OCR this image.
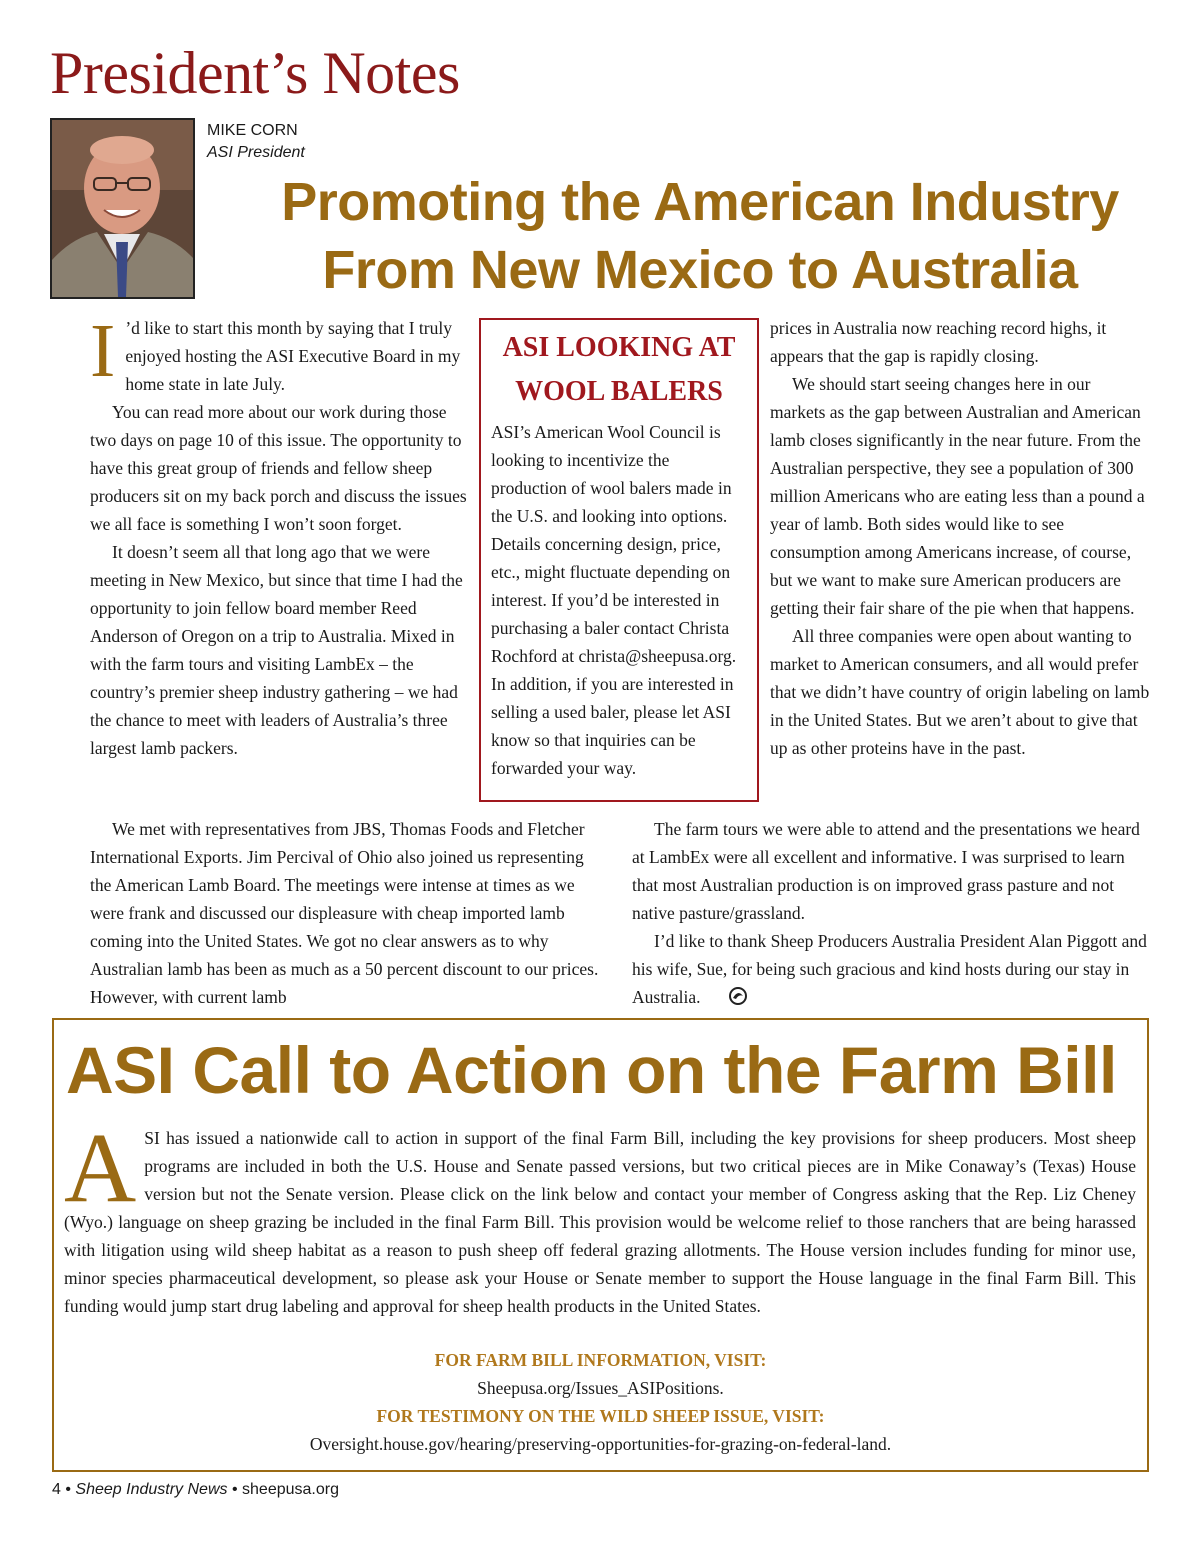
President’s Notes
MIKE CORN
ASI President
Promoting the American Industry
From New Mexico to Australia

I ’d like to start this month by saying that I truly enjoyed hosting the ASI Executive Board in my home state in late July.

You can read more about our work during those two days on page 10 of this issue. The opportunity to have this great group of friends and fellow sheep producers sit on my back porch and discuss the issues we all face is something I won’t soon forget.

It doesn’t seem all that long ago that we were meeting in New Mexico, but since that time I had the opportunity to join fellow board member Reed Anderson of Oregon on a trip to Australia. Mixed in with the farm tours and visiting LambEx – the country’s premier sheep industry gathering – we had the chance to meet with leaders of Australia’s three largest lamb packers.

We met with representatives from JBS, Thomas Foods and Fletcher International Exports. Jim Percival of Ohio also joined us representing the American Lamb Board. The meetings were intense at times as we were frank and discussed our displeasure with cheap imported lamb coming into the United States. We got no clear answers as to why Australian lamb has been as much as a 50 percent discount to our prices. However, with current lamb

ASI LOOKING AT
WOOL BALERS
ASI’s American Wool Council is looking to incentivize the production of wool balers made in the U.S. and looking into options. Details concerning design, price, etc., might fluctuate depending on interest. If you’d be interested in purchasing a baler contact Christa Rochford at christa@sheepusa.org. In addition, if you are interested in selling a used baler, please let ASI know so that inquiries can be forwarded your way.

prices in Australia now reaching record highs, it appears that the gap is rapidly closing.

We should start seeing changes here in our markets as the gap between Australian and American lamb closes significantly in the near future. From the Australian perspective, they see a population of 300 million Americans who are eating less than a pound a year of lamb. Both sides would like to see consumption among Americans increase, of course, but we want to make sure American producers are getting their fair share of the pie when that happens.

All three companies were open about wanting to market to American consumers, and all would prefer that we didn’t have country of origin labeling on lamb in the United States. But we aren’t about to give that up as other proteins have in the past.

The farm tours we were able to attend and the presentations we heard at LambEx were all excellent and informative. I was surprised to learn that most Australian production is on improved grass pasture and not native pasture/grassland.

I’d like to thank Sheep Producers Australia President Alan Piggott and his wife, Sue, for being such gracious and kind hosts during our stay in Australia.

ASI Call to Action on the Farm Bill
ASI has issued a nationwide call to action in support of the final Farm Bill, including the key provisions for sheep producers. Most sheep programs are included in both the U.S. House and Senate passed versions, but two critical pieces are in Mike Conaway’s (Texas) House version but not the Senate version. Please click on the link below and contact your member of Congress asking that the Rep. Liz Cheney (Wyo.) language on sheep grazing be included in the final Farm Bill. This provision would be welcome relief to those ranchers that are being harassed with litigation using wild sheep habitat as a reason to push sheep off federal grazing allotments. The House version includes funding for minor use, minor species pharmaceutical development, so please ask your House or Senate member to support the House language in the final Farm Bill. This funding would jump start drug labeling and approval for sheep health products in the United States.
FOR FARM BILL INFORMATION, VISIT:
Sheepusa.org/Issues_ASIPositions.
FOR TESTIMONY ON THE WILD SHEEP ISSUE, VISIT:
Oversight.house.gov/hearing/preserving-opportunities-for-grazing-on-federal-land.
4 • Sheep Industry News • sheepusa.org
